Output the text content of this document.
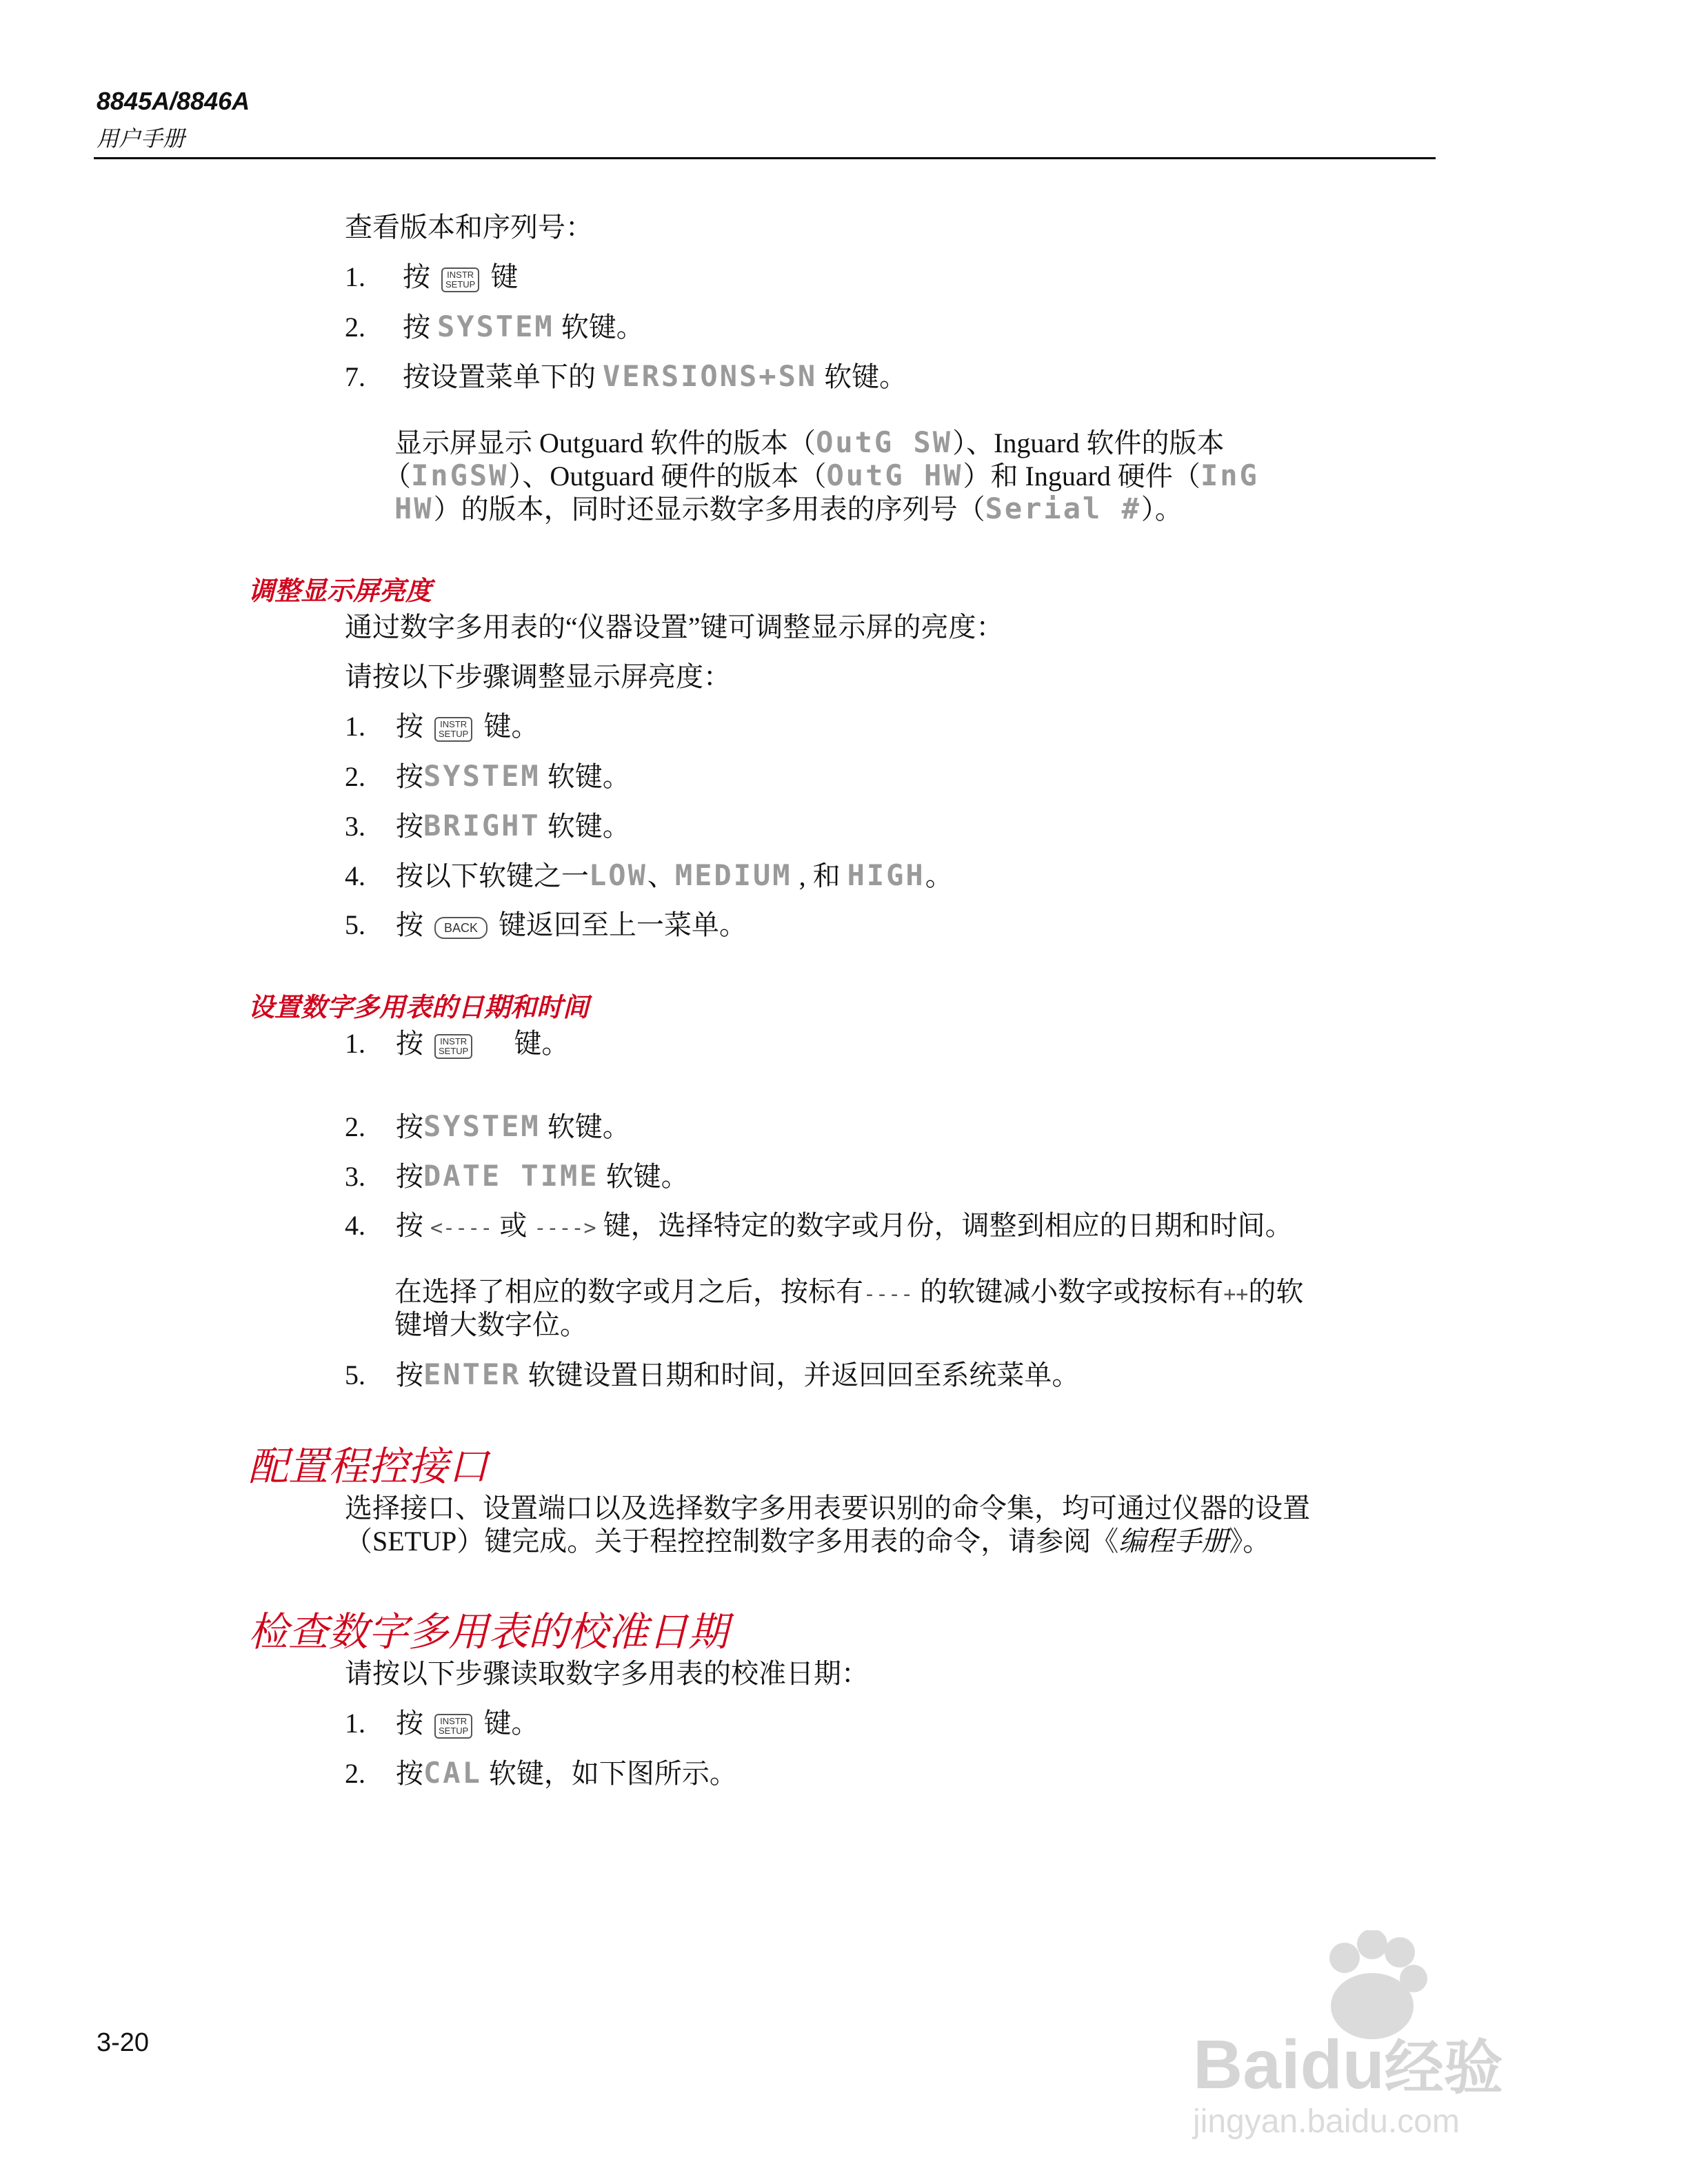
8845A/8846A
用户手册
查看版本和序列号：
1. 按 INSTR
SETUP 键
2. 按 SYSTEM 软键。
7. 按设置菜单下的 VERSIONS+SN 软键。
显示屏显示 Outguard 软件的版本（OutG SW）、Inguard 软件的版本
（InGSW）、Outguard 硬件的版本（OutG HW）和 Inguard 硬件（InG
HW）的版本，同时还显示数字多用表的序列号（Serial #）。
调整显示屏亮度
通过数字多用表的“仪器设置”键可调整显示屏的亮度：
请按以下步骤调整显示屏亮度：
1. 按 INSTR
SETUP 键。
2. 按SYSTEM 软键。
3. 按BRIGHT 软键。
4. 按以下软键之一LOW、MEDIUM , 和 HIGH。
5. 按 BACK 键返回至上一菜单。
设置数字多用表的日期和时间
1. 按 INSTR
SETUP 键。
2. 按SYSTEM 软键。
3. 按DATE TIME 软键。
4. 按 <---- 或 ----> 键，选择特定的数字或月份，调整到相应的日期和时间。
在选择了相应的数字或月之后，按标有---- 的软键减小数字或按标有++的软
键增大数字位。
5. 按ENTER 软键设置日期和时间，并返回回至系统菜单。
配置程控接口
选择接口、设置端口以及选择数字多用表要识别的命令集，均可通过仪器的设置
（SETUP）键完成。关于程控控制数字多用表的命令，请参阅《编程手册》。
检查数字多用表的校准日期
请按以下步骤读取数字多用表的校准日期：
1. 按 INSTR
SETUP 键。
2. 按CAL 软键，如下图所示。
3-20	Baidu经验
jingyan.baidu.com
